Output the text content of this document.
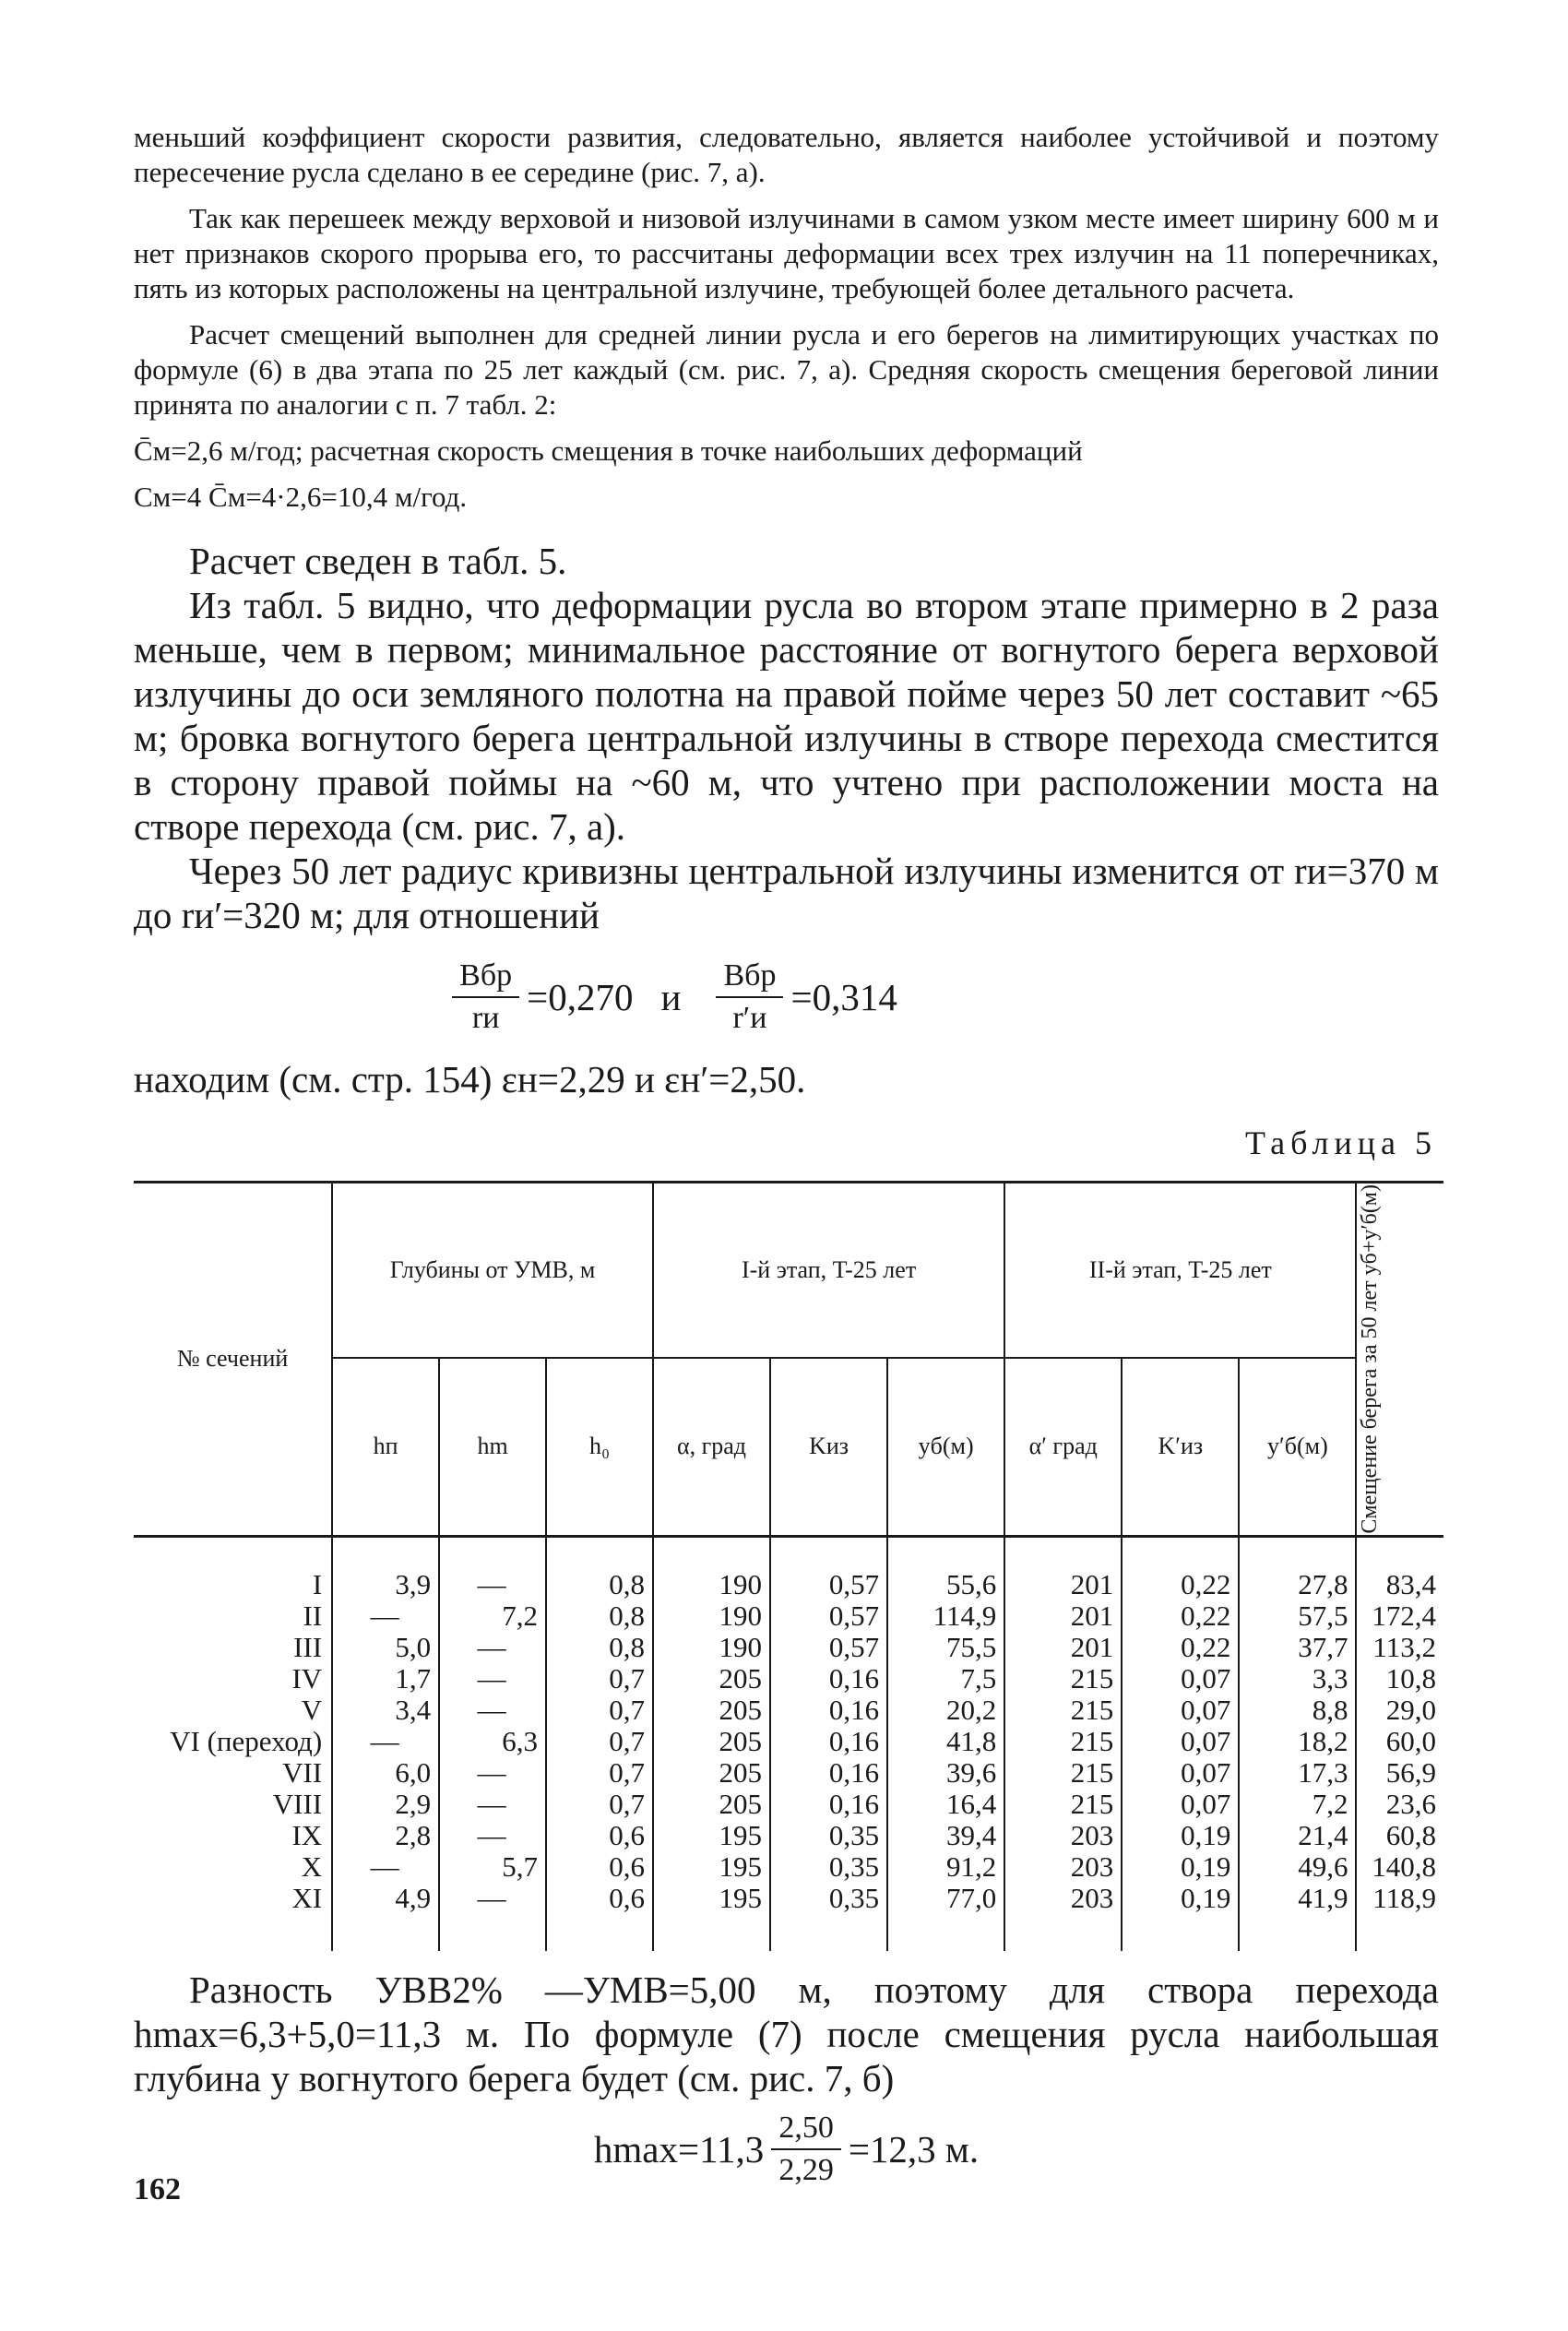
меньший коэффициент скорости развития, следовательно, является наиболее устойчивой и поэтому пересечение русла сделано в ее середине (рис. 7, а).

Так как перешеек между верховой и низовой излучинами в самом узком месте имеет ширину 600 м и нет признаков скорого прорыва его, то рассчитаны деформации всех трех излучин на 11 поперечниках, пять из которых расположены на центральной излучине, требующей более детального расчета.

Расчет смещений выполнен для средней линии русла и его берегов на лимитирующих участках по формуле (6) в два этапа по 25 лет каждый (см. рис. 7, а). Средняя скорость смещения береговой линии принята по аналогии с п. 7 табл. 2:

C̄м=2,6 м/год; расчетная скорость смещения в точке наибольших деформаций

Cм=4 C̄м=4·2,6=10,4 м/год.

Расчет сведен в табл. 5.

Из табл. 5 видно, что деформации русла во втором этапе примерно в 2 раза меньше, чем в первом; минимальное расстояние от вогнутого берега верховой излучины до оси земляного полотна на правой пойме через 50 лет составит ~65 м; бровка вогнутого берега центральной излучины в створе перехода сместится в сторону правой поймы на ~60 м, что учтено при расположении моста на створе перехода (см. рис. 7, а).

Через 50 лет радиус кривизны центральной излучины изменится от rи=370 м до rи′=320 м; для отношений

$\frac{\text{Bбр}}{rи} =0,270$ и $\frac{\text{Bбр}}{r'и} =0,314$

находим (см. стр. 154) εн=2,29 и εн′=2,50.

Таблица 5
№ сечений	Глубины от УМВ, м			I-й этап, T-25 лет			II-й этап, T-25 лет			Смещение берега за 50 лет yб+y′б(м)

	hп	hm	h₀	α, град	Kиз	yб(м)	α′ град	K′из	y′б(м)	
I	3,9	—	0,8	190	0,57	55,6	201	0,22	27,8	83,4
II	—	7,2	0,8	190	0,57	114,9	201	0,22	57,5	172,4
III	5,0	—	0,8	190	0,57	75,5	201	0,22	37,7	113,2
IV	1,7	—	0,7	205	0,16	7,5	215	0,07	3,3	10,8
V	3,4	—	0,7	205	0,16	20,2	215	0,07	8,8	29,0
VI (переход)	—	6,3	0,7	205	0,16	41,8	215	0,07	18,2	60,0
VII	6,0	—	0,7	205	0,16	39,6	215	0,07	17,3	56,9
VIII	2,9	—	0,7	205	0,16	16,4	215	0,07	7,2	23,6
IX	2,8	—	0,6	195	0,35	39,4	203	0,19	21,4	60,8
X	—	5,7	0,6	195	0,35	91,2	203	0,19	49,6	140,8
XI	4,9	—	0,6	195	0,35	77,0	203	0,19	41,9	118,9

Разность УВВ2% —УМВ=5,00 м, поэтому для створа перехода hmax=6,3+5,0=11,3 м. По формуле (7) после смещения русла наибольшая глубина у вогнутого берега будет (см. рис. 7, б)

$hmax=11,3 \frac{2,50}{2,29} =12,3$ м.
162
